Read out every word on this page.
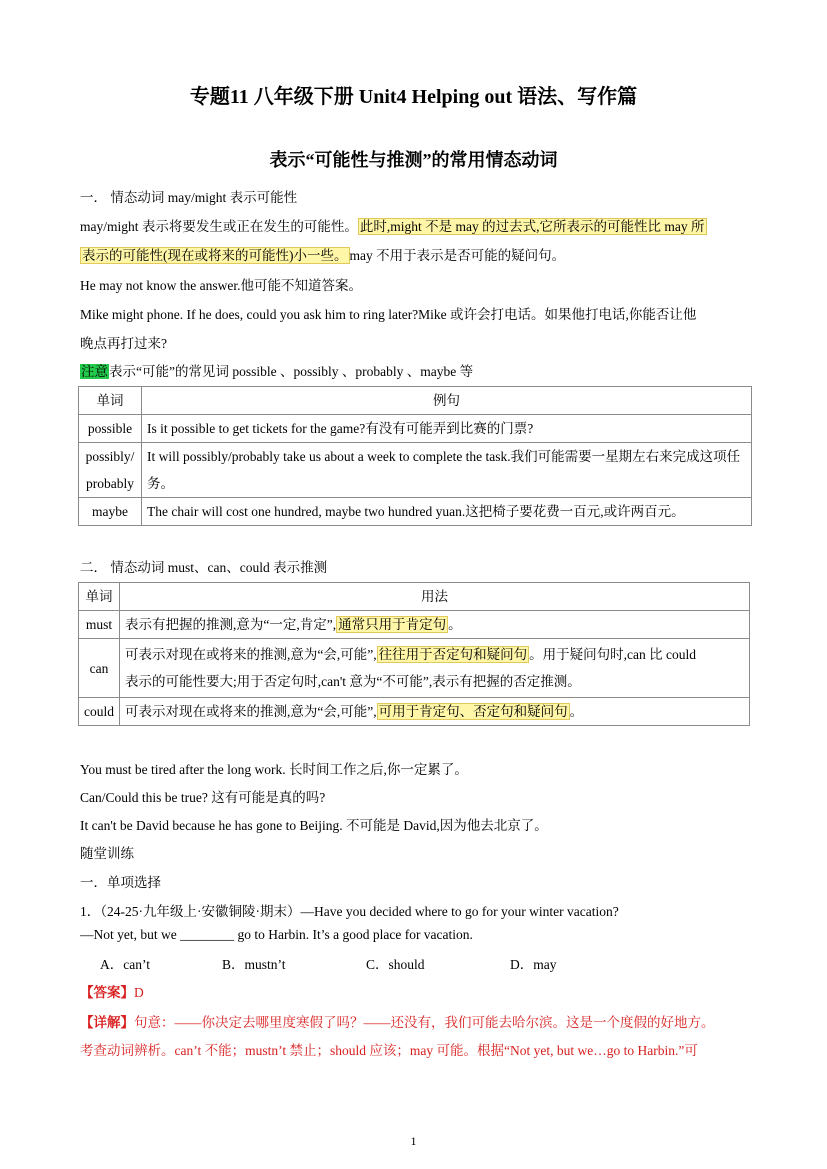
专题11 八年级下册 Unit4 Helping out 语法、写作篇
表示“可能性与推测”的常用情态动词
一． 情态动词 may/might 表示可能性
may/might 表示将要发生或正在发生的可能性。 此时,might 不是 may 的过去式,它所表示的可能性比 may 所
表示的可能性(现在或将来的可能性)小一些。 may 不用于表示是否可能的疑问句。
He may not know the answer.他可能不知道答案。
Mike might phone. If he does, could you ask him to ring later?Mike 或许会打电话。如果他打电话,你能否让他
晚点再打过来?
注意表示“可能”的常见词 possible 、possibly 、probably 、maybe 等
单词	例句
possible	Is it possible to get tickets for the game?有没有可能弄到比赛的门票?
possibly/ probably	It will possibly/probably take us about a week to complete the task.我们可能需要一星期左右来完成这项任务。
maybe	The chair will cost one hundred, maybe two hundred yuan.这把椅子要花费一百元,或许两百元。
二． 情态动词 must、can、could 表示推测
单词	用法
must	表示有把握的推测,意为“一定,肯定”, 通常只用于肯定句 。
can	可表示对现在或将来的推测,意为“会,可能”, 往往用于否定句和疑问句 。用于疑问句时,can 比 could
表示的可能性要大;用于否定句时,can't 意为“不可能”,表示有把握的否定推测。

could	可表示对现在或将来的推测,意为“会,可能”, 可用于肯定句、否定句和疑问句 。
You must be tired after the long work. 长时间工作之后,你一定累了。
Can/Could this be true? 这有可能是真的吗?
It can't be David because he has gone to Beijing. 不可能是 David,因为他去北京了。
随堂训练
一．单项选择
1．（24-25·九年级上·安徽铜陵·期末）—Have you decided where to go for your winter vacation?
—Not yet, but we ________ go to Harbin. It’s a good place for vacation.
A．can’t	B．mustn’t	C．should	D．may
【答案】D
【详解】句意：——你决定去哪里度寒假了吗？——还没有，我们可能去哈尔滨。这是一个度假的好地方。
考查动词辨析。can’t 不能；mustn’t 禁止；should 应该；may 可能。根据“Not yet, but we…go to Harbin.”可
1
